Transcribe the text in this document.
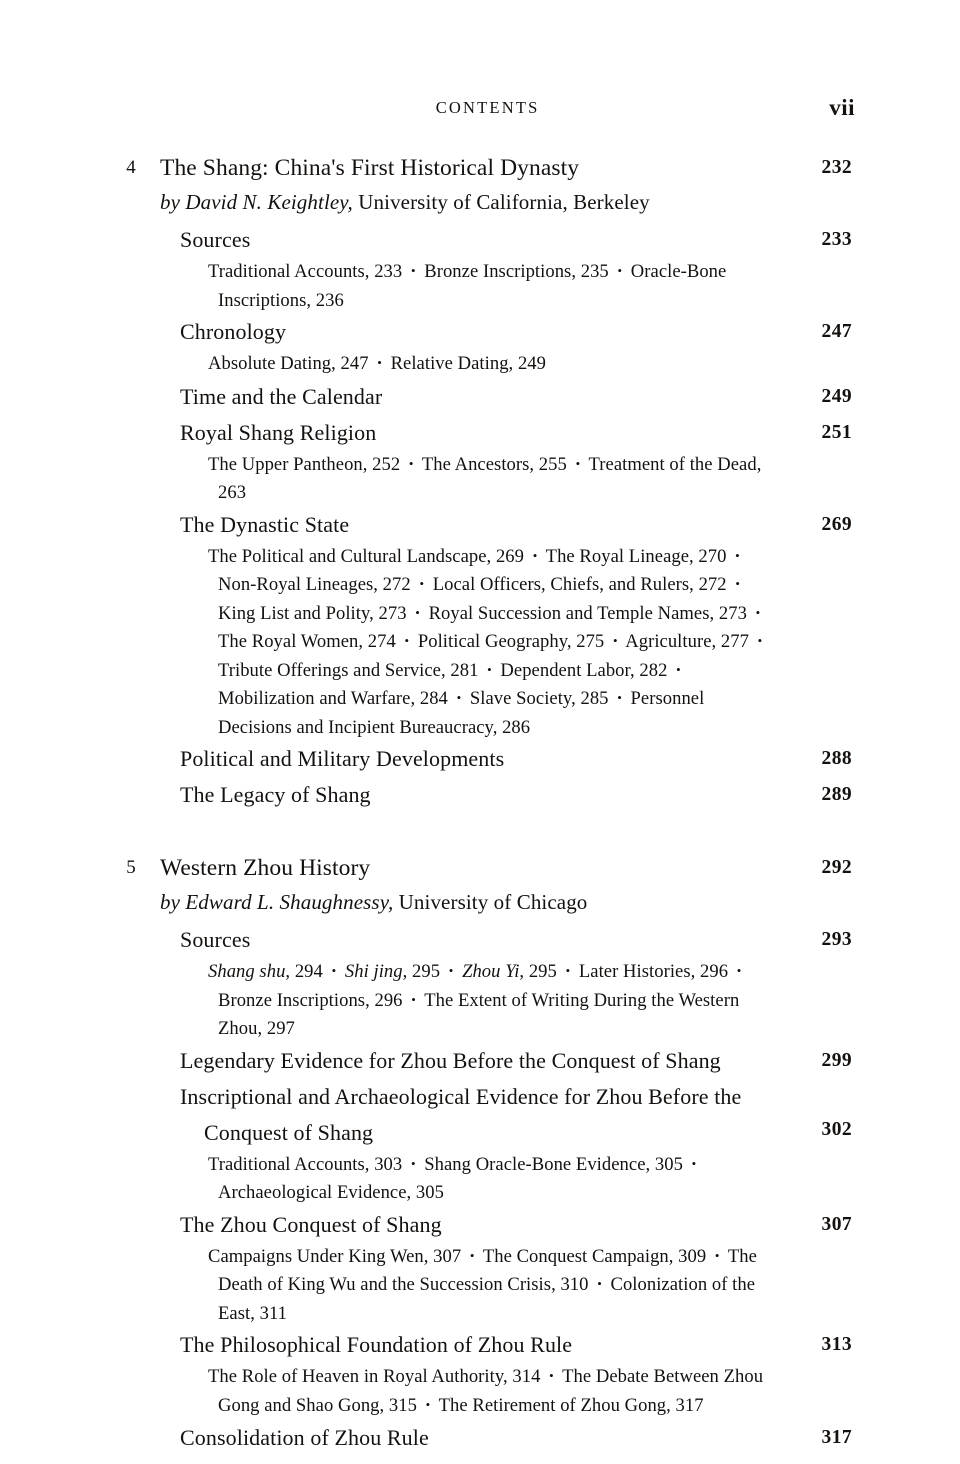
CONTENTS	vii
4	The Shang: China's First Historical Dynasty	232
by David N. Keightley, University of California, Berkeley
Sources	233
Traditional Accounts, 233 • Bronze Inscriptions, 235 • Oracle-Bone Inscriptions, 236
Chronology	247
Absolute Dating, 247 • Relative Dating, 249
Time and the Calendar	249
Royal Shang Religion	251
The Upper Pantheon, 252 • The Ancestors, 255 • Treatment of the Dead, 263
The Dynastic State	269
The Political and Cultural Landscape, 269 • The Royal Lineage, 270 • Non-Royal Lineages, 272 • Local Officers, Chiefs, and Rulers, 272 • King List and Polity, 273 • Royal Succession and Temple Names, 273 • The Royal Women, 274 • Political Geography, 275 • Agriculture, 277 • Tribute Offerings and Service, 281 • Dependent Labor, 282 • Mobilization and Warfare, 284 • Slave Society, 285 • Personnel Decisions and Incipient Bureaucracy, 286
Political and Military Developments	288
The Legacy of Shang	289
5	Western Zhou History	292
by Edward L. Shaughnessy, University of Chicago
Sources	293
Shang shu, 294 • Shi jing, 295 • Zhou Yi, 295 • Later Histories, 296 • Bronze Inscriptions, 296 • The Extent of Writing During the Western Zhou, 297
Legendary Evidence for Zhou Before the Conquest of Shang	299
Inscriptional and Archaeological Evidence for Zhou Before the Conquest of Shang	302
Traditional Accounts, 303 • Shang Oracle-Bone Evidence, 305 • Archaeological Evidence, 305
The Zhou Conquest of Shang	307
Campaigns Under King Wen, 307 • The Conquest Campaign, 309 • The Death of King Wu and the Succession Crisis, 310 • Colonization of the East, 311
The Philosophical Foundation of Zhou Rule	313
The Role of Heaven in Royal Authority, 314 • The Debate Between Zhou Gong and Shao Gong, 315 • The Retirement of Zhou Gong, 317
Consolidation of Zhou Rule	317
